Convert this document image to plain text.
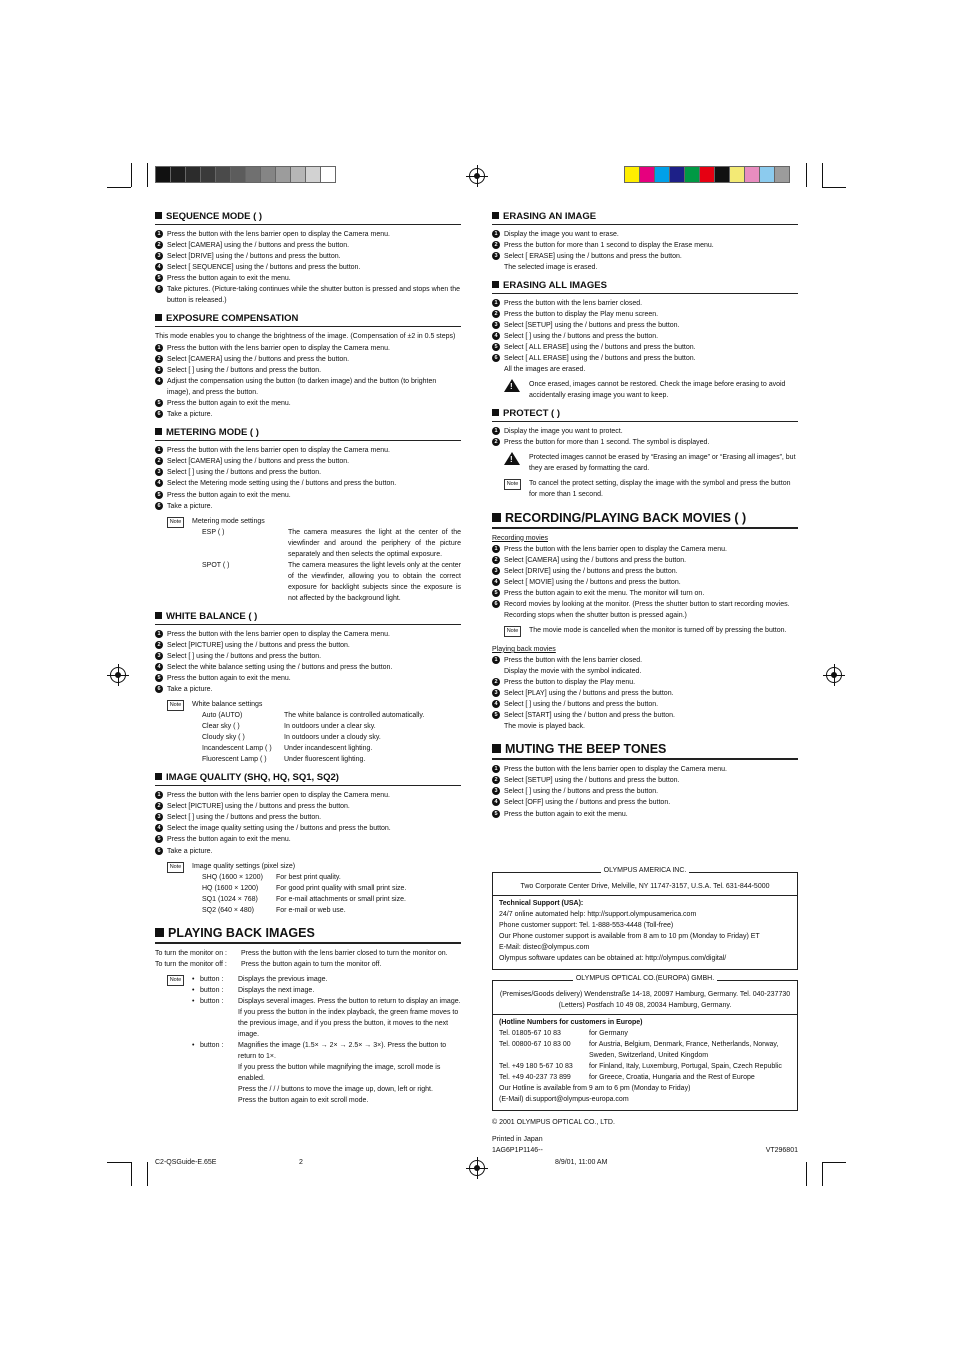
SEQUENCE MODE ( )
1 Press the button with the lens barrier open to display the Camera menu.
2 Select [CAMERA] using the / buttons and press the button.
3 Select [DRIVE] using the / buttons and press the button.
4 Select [ SEQUENCE] using the / buttons and press the button.
5 Press the button again to exit the menu.
6 Take pictures. (Picture-taking continues while the shutter button is pressed and stops when the button is released.)
EXPOSURE COMPENSATION

This mode enables you to change the brightness of the image. (Compensation of ±2 in 0.5 steps)

1 Press the button with the lens barrier open to display the Camera menu.
2 Select [CAMERA] using the / buttons and press the button.
3 Select [ ] using the / buttons and press the button.
4 Adjust the compensation using the button (to darken image) and the button (to brighten image), and press the button.
5 Press the button again to exit the menu.
6 Take a picture.
METERING MODE ( )
1 Press the button with the lens barrier open to display the Camera menu.
2 Select [CAMERA] using the / buttons and press the button.
3 Select [ ] using the / buttons and press the button.
4 Select the Metering mode setting using the / buttons and press the button.
5 Press the button again to exit the menu.
6 Take a picture.
Note	Metering mode settings

ESP ( )	The camera measures the light at the center of the viewfinder and around the periphery of the picture separately and then selects the optimal exposure.
SPOT ( )	The camera measures the light levels only at the center of the viewfinder, allowing you to obtain the correct exposure for backlight subjects since the exposure is not affected by the background light.
WHITE BALANCE ( )
1 Press the button with the lens barrier open to display the Camera menu.
2 Select [PICTURE] using the / buttons and press the button.
3 Select [ ] using the / buttons and press the button.
4 Select the white balance setting using the / buttons and press the button.
5 Press the button again to exit the menu.
6 Take a picture.
Note	White balance settings

Auto (AUTO)	The white balance is controlled automatically.
Clear sky ( )	In outdoors under a clear sky.
Cloudy sky ( )	In outdoors under a cloudy sky.
Incandescent Lamp ( )	Under incandescent lighting.
Fluorescent Lamp ( )	Under fluorescent lighting.
IMAGE QUALITY (SHQ, HQ, SQ1, SQ2)
1 Press the button with the lens barrier open to display the Camera menu.
2 Select [PICTURE] using the / buttons and press the button.
3 Select [ ] using the / buttons and press the button.
4 Select the image quality setting using the / buttons and press the button.
5 Press the button again to exit the menu.
6 Take a picture.
Note	Image quality settings (pixel size)

SHQ (1600 × 1200)	For best print quality.
HQ (1600 × 1200)	For good print quality with small print size.
SQ1 (1024 × 768)	For e-mail attachments or small print size.
SQ2 (640 × 480)	For e-mail or web use.
PLAYING BACK IMAGES
To turn the monitor on :	Press the button with the lens barrier closed to turn the monitor on.
To turn the monitor off :	Press the button again to turn the monitor off.
Note	• button :	Displays the previous image.
• button :	Displays the next image.
• button :	Displays several images. Press the button to return to display an image.
If you press the button in the index playback, the green frame moves to the previous image, and if you press the button, it moves to the next image.
• button :	Magnifies the image (1.5× → 2× → 2.5× → 3×). Press the button to return to 1×.
If you press the button while magnifying the image, scroll mode is enabled.
Press the / / / buttons to move the image up, down, left or right.
Press the button again to exit scroll mode.
ERASING AN IMAGE
1 Display the image you want to erase.
2 Press the button for more than 1 second to display the Erase menu.
3 Select [ ERASE] using the / buttons and press the button.

The selected image is erased.

ERASING ALL IMAGES
1 Press the button with the lens barrier closed.
2 Press the button to display the Play menu screen.
3 Select [SETUP] using the / buttons and press the button.
4 Select [ ] using the / buttons and press the button.
5 Select [ ALL ERASE] using the / buttons and press the button.
6 Select [ ALL ERASE] using the / buttons and press the button.

All the images are erased.

!

Once erased, images cannot be restored. Check the image before erasing to avoid accidentally erasing image you want to keep.

PROTECT ( )
1 Display the image you want to protect.
2 Press the button for more than 1 second. The symbol is displayed.
!

Protected images cannot be erased by “Erasing an image” or “Erasing all images”, but they are erased by formatting the card.

Note	To cancel the protect setting, display the image with the symbol and press the button for more than 1 second.

RECORDING/PLAYING BACK MOVIES ( )

Recording movies

1 Press the button with the lens barrier open to display the Camera menu.
2 Select [CAMERA] using the / buttons and press the button.
3 Select [DRIVE] using the / buttons and press the button.
4 Select [ MOVIE] using the / buttons and press the button.
5 Press the button again to exit the menu. The monitor will turn on.
6 Record movies by looking at the monitor. (Press the shutter button to start recording movies. Recording stops when the shutter button is pressed again.)
Note	The movie mode is cancelled when the monitor is turned off by pressing the button.

Playing back movies

1 Press the button with the lens barrier closed.

Display the movie with the symbol indicated.

2 Press the button to display the Play menu.
3 Select [PLAY] using the / buttons and press the button.
4 Select [ ] using the / buttons and press the button.
5 Select [START] using the / button and press the button.

The movie is played back.

MUTING THE BEEP TONES
1 Press the button with the lens barrier open to display the Camera menu.
2 Select [SETUP] using the / buttons and press the button.
3 Select [ ] using the / buttons and press the button.
4 Select [OFF] using the / buttons and press the button.
5 Press the button again to exit the menu.
OLYMPUS AMERICA INC.

Two Corporate Center Drive, Melville, NY 11747-3157, U.S.A. Tel. 631-844-5000

Technical Support (USA):

24/7 online automated help: http://support.olympusamerica.com

Phone customer support: Tel. 1-888-553-4448 (Toll-free)

Our Phone customer support is available from 8 am to 10 pm (Monday to Friday) ET

E-Mail: distec@olympus.com

Olympus software updates can be obtained at: http://olympus.com/digital/

OLYMPUS OPTICAL CO.(EUROPA) GMBH.

(Premises/Goods delivery) Wendenstraße 14-18, 20097 Hamburg, Germany. Tel. 040-237730

(Letters) Postfach 10 49 08, 20034 Hamburg, Germany.

(Hotline Numbers for customers in Europe)

Tel. 01805-67 10 83	for Germany
Tel. 00800-67 10 83 00	for Austria, Belgium, Denmark, France, Netherlands, Norway, Sweden, Switzerland, United Kingdom
Tel. +49 180 5-67 10 83	for Finland, Italy, Luxemburg, Portugal, Spain, Czech Republic
Tel. +49 40-237 73 899	for Greece, Croatia, Hungaria and the Rest of Europe

Our Hotline is available from 9 am to 6 pm (Monday to Friday)

(E-Mail) di.support@olympus-europa.com

© 2001 OLYMPUS OPTICAL CO., LTD.

Printed in Japan

1AG6P1P1146--	VT296801
C2-QSGuide-E.65E	2	8/9/01, 11:00 AM
